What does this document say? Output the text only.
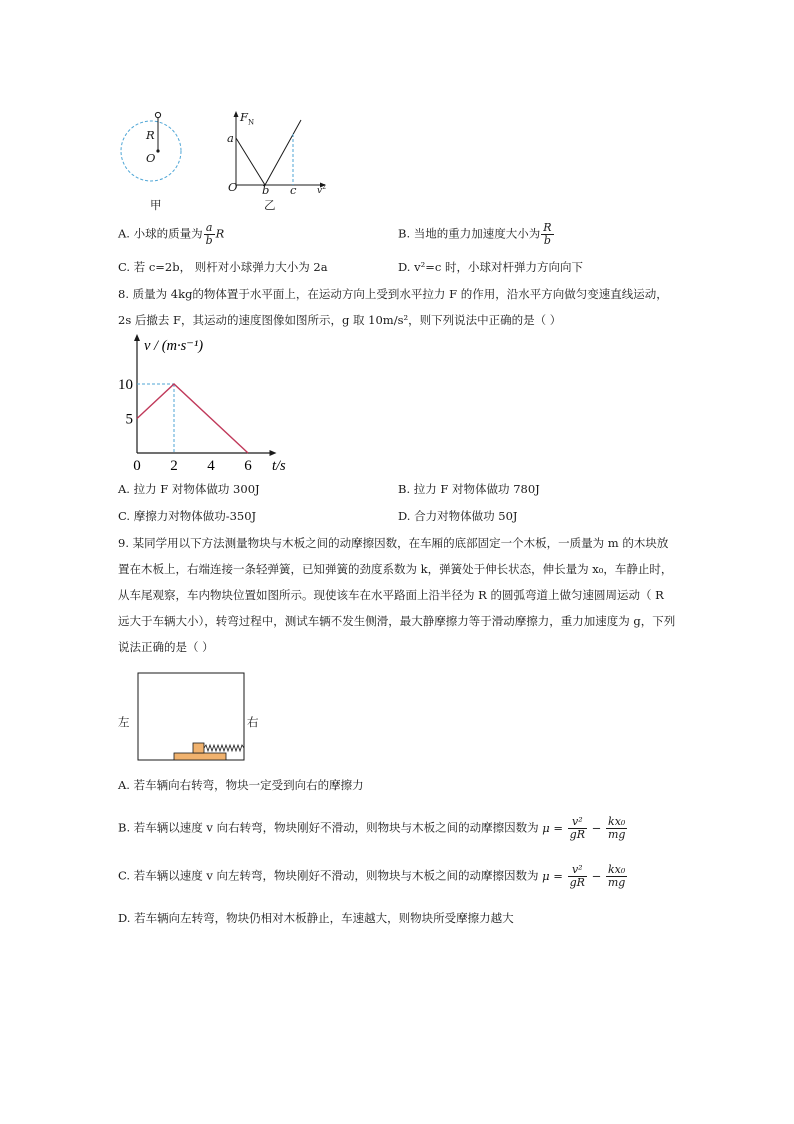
R
O
甲
$F_N$
a
O b c $v^2$
乙
A. 小球的质量为 $\frac{a}{b}$ R	B. 当地的重力加速度大小为 $\frac{R}{b}$
C. 若 c=2b， 则杆对小球弹力大小为 2a	D. v²=c 时，小球对杆弹力方向向下
8. 质量为 4kg的物体置于水平面上，在运动方向上受到水平拉力 F 的作用，沿水平方向做匀变速直线运动，
2s 后撤去 F，其运动的速度图像如图所示，g 取 10m/s²，则下列说法中正确的是（ ）
0 2 4 6
5
10
v / (m·s⁻¹)
t/s
A. 拉力 F 对物体做功 300J	B. 拉力 F 对物体做功 780J
C. 摩擦力对物体做功-350J	D. 合力对物体做功 50J
9. 某同学用以下方法测量物块与木板之间的动摩擦因数，在车厢的底部固定一个木板，一质量为 m 的木块放置在木板上，右端连接一条轻弹簧，已知弹簧的劲度系数为 k，弹簧处于伸长状态，伸长量为 x₀，车静止时，从车尾观察，车内物块位置如图所示。现使该车在水平路面上沿半径为 R 的圆弧弯道上做匀速圆周运动（ R 远大于车辆大小），转弯过程中，测试车辆不发生侧滑，最大静摩擦力等于滑动摩擦力，重力加速度为 g，下列说法正确的是（ ）
左	右
A. 若车辆向右转弯，物块一定受到向右的摩擦力
B. 若车辆以速度 v 向右转弯，物块刚好不滑动，则物块与木板之间的动摩擦因数为 $\mu = \frac{\text{v²}}{gR} - \frac{\text{kx₀}}{mg}$
C. 若车辆以速度 v 向左转弯，物块刚好不滑动，则物块与木板之间的动摩擦因数为 $\mu = \frac{\text{v²}}{gR} - \frac{\text{kx₀}}{mg}$
D. 若车辆向左转弯，物块仍相对木板静止，车速越大，则物块所受摩擦力越大
